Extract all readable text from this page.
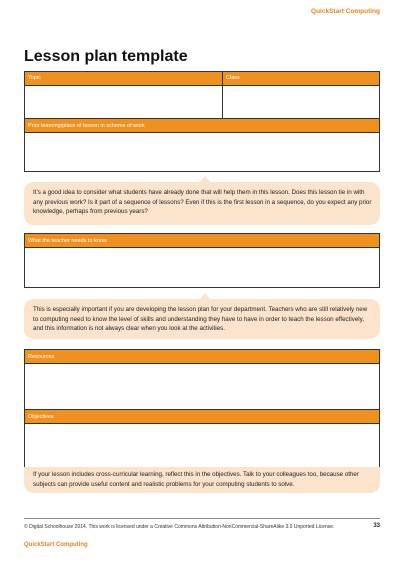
QuickStart Computing
Lesson plan template
Topic	Class
Prior learning/place of lesson in scheme of work
It’s a good idea to consider what students have already done that will help them in this lesson. Does this lesson tie in with any previous work? Is it part of a sequence of lessons? Even if this is the first lesson in a sequence, do you expect any prior knowledge, perhaps from previous years?
What the teacher needs to know
This is especially important if you are developing the lesson plan for your department. Teachers who are still relatively new to computing need to know the level of skills and understanding they have to have in order to teach the lesson effectively, and this information is not always clear when you look at the activities.
Resources
Objectives
If your lesson includes cross-curricular learning, reflect this in the objectives. Talk to your colleagues too, because other subjects can provide useful content and realistic problems for your computing students to solve.
© Digital Schoolhouse 2014. This work is licensed under a Creative Commons Attribution-NonCommercial-ShareAlike 3.0 Unported License.	33
QuickStart Computing
